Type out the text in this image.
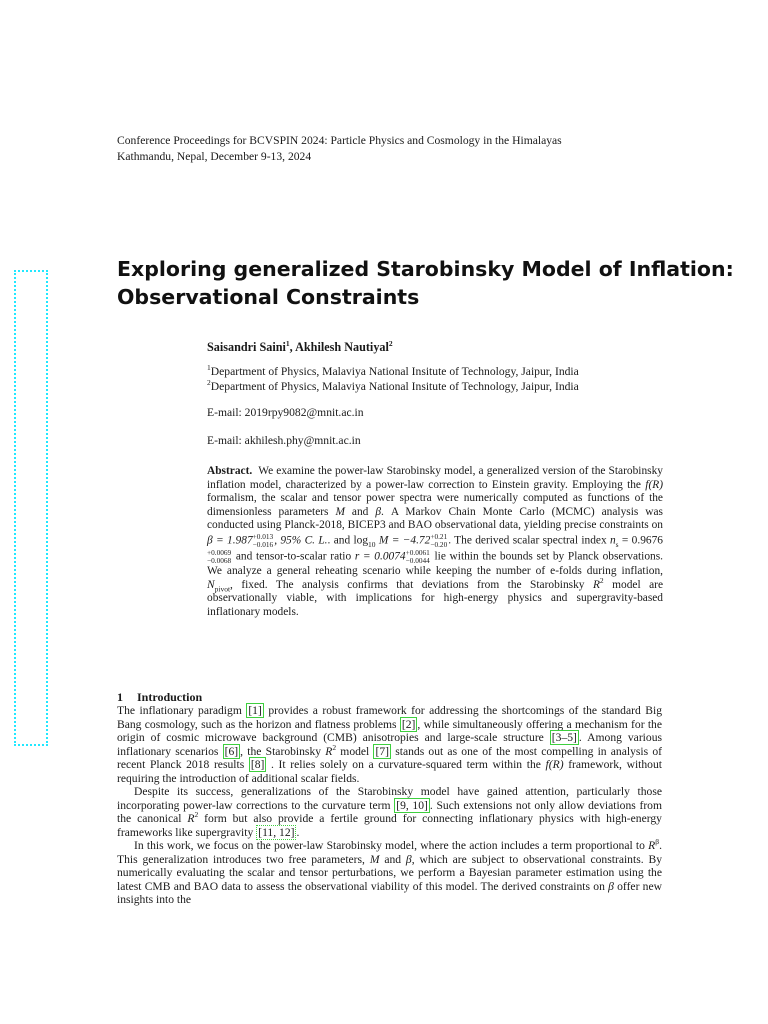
Conference Proceedings for BCVSPIN 2024: Particle Physics and Cosmology in the Himalayas
Kathmandu, Nepal, December 9-13, 2024
Exploring generalized Starobinsky Model of Inflation:
Observational Constraints
Saisandri Saini$^1$, Akhilesh Nautiyal$^2$
$^1$Department of Physics, Malaviya National Insitute of Technology, Jaipur, India
$^2$Department of Physics, Malaviya National Insitute of Technology, Jaipur, India
E-mail: 2019rpy9082@mnit.ac.in
E-mail: akhilesh.phy@mnit.ac.in
Abstract. We examine the power-law Starobinsky model, a generalized version of the Starobinsky inflation model, characterized by a power-law correction to Einstein gravity. Employing the f(R) formalism, the scalar and tensor power spectra were numerically computed as functions of the dimensionless parameters M and β. A Markov Chain Monte Carlo (MCMC) analysis was conducted using Planck-2018, BICEP3 and BAO observational data, yielding precise constraints on β = 1.987 +0.013
−0.016 , 95% C. L.. and $\log_{10} M = -4.72 +0.21$
−0.20 . The derived scalar spectral index $n_s = 0.9676$
+0.0069
−0.0068 and tensor-to-scalar ratio r = 0.0074 +0.0061
−0.0044 lie within the bounds set by Planck observations. We analyze a general reheating scenario while keeping the number of e-folds during inflation, $N_{pivot}$, fixed. The analysis confirms that deviations from the Starobinsky $R^2$ model are observationally viable, with implications for high-energy physics and supergravity-based inflationary models.
1 Introduction

The inflationary paradigm [1] provides a robust framework for addressing the shortcomings of the standard Big Bang cosmology, such as the horizon and flatness problems [2] , while simultaneously offering a mechanism for the origin of cosmic microwave background (CMB) anisotropies and large-scale structure [3–5] . Among various inflationary scenarios [6] , the Starobinsky $R^2$ model [7] stands out as one of the most compelling in analysis of recent Planck 2018 results [8] . It relies solely on a curvature-squared term within the f(R) framework, without requiring the introduction of additional scalar fields.

Despite its success, generalizations of the Starobinsky model have gained attention, particularly those incorporating power-law corrections to the curvature term [9, 10] . Such extensions not only allow deviations from the canonical $R^2$ form but also provide a fertile ground for connecting inflationary physics with high-energy frameworks like supergravity [11, 12] .

In this work, we focus on the power-law Starobinsky model, where the action includes a term proportional to $R^\beta$. This generalization introduces two free parameters, M and β, which are subject to observational constraints. By numerically evaluating the scalar and tensor perturbations, we perform a Bayesian parameter estimation using the latest CMB and BAO data to assess the observational viability of this model. The derived constraints on β offer new insights into the
